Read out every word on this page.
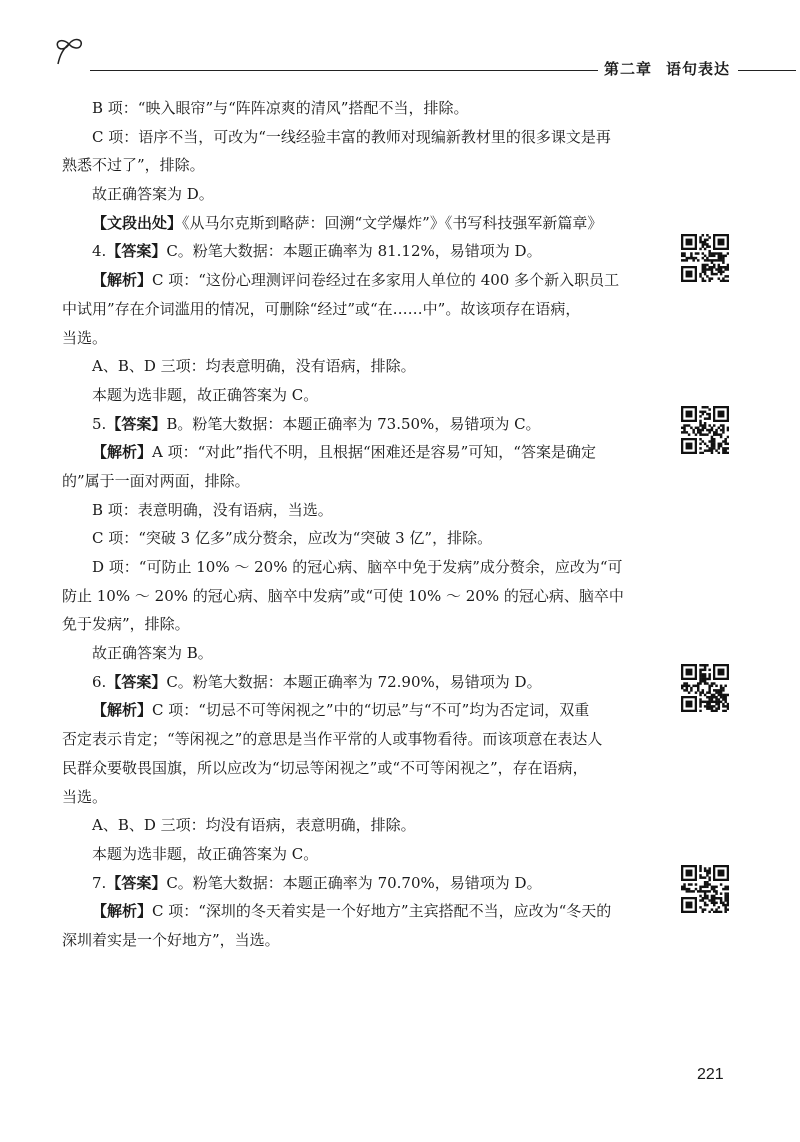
第二章 语句表达
B 项：“映入眼帘”与“阵阵凉爽的清风”搭配不当，排除。
C 项：语序不当，可改为“一线经验丰富的教师对现编新教材里的很多课文是再
熟悉不过了”，排除。
故正确答案为 D。
【文段出处】《从马尔克斯到略萨：回溯“文学爆炸”》《书写科技强军新篇章》
4.【答案】C。粉笔大数据：本题正确率为 81.12%，易错项为 D。
【解析】C 项：“这份心理测评问卷经过在多家用人单位的 400 多个新入职员工
中试用”存在介词滥用的情况，可删除“经过”或“在……中”。故该项存在语病，
当选。
A、B、D 三项：均表意明确，没有语病，排除。
本题为选非题，故正确答案为 C。
5.【答案】B。粉笔大数据：本题正确率为 73.50%，易错项为 C。
【解析】A 项：“对此”指代不明，且根据“困难还是容易”可知，“答案是确定
的”属于一面对两面，排除。
B 项：表意明确，没有语病，当选。
C 项：“突破 3 亿多”成分赘余，应改为“突破 3 亿”，排除。
D 项：“可防止 10% ～ 20% 的冠心病、脑卒中免于发病”成分赘余，应改为“可
防止 10% ～ 20% 的冠心病、脑卒中发病”或“可使 10% ～ 20% 的冠心病、脑卒中
免于发病”，排除。
故正确答案为 B。
6.【答案】C。粉笔大数据：本题正确率为 72.90%，易错项为 D。
【解析】C 项：“切忌不可等闲视之”中的“切忌”与“不可”均为否定词，双重
否定表示肯定；“等闲视之”的意思是当作平常的人或事物看待。而该项意在表达人
民群众要敬畏国旗，所以应改为“切忌等闲视之”或“不可等闲视之”，存在语病，
当选。
A、B、D 三项：均没有语病，表意明确，排除。
本题为选非题，故正确答案为 C。
7.【答案】C。粉笔大数据：本题正确率为 70.70%，易错项为 D。
【解析】C 项：“深圳的冬天着实是一个好地方”主宾搭配不当，应改为“冬天的
深圳着实是一个好地方”，当选。
221
